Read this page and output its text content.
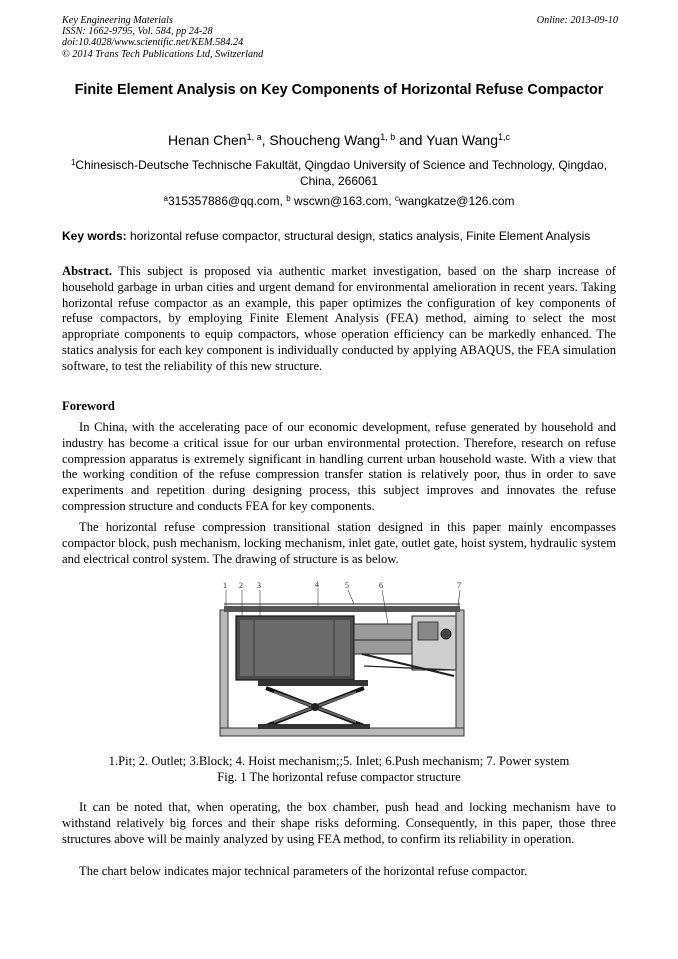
Key Engineering Materials
ISSN: 1662-9795, Vol. 584, pp 24-28
doi:10.4028/www.scientific.net/KEM.584.24
© 2014 Trans Tech Publications Ltd, Switzerland
Online: 2013-09-10
Finite Element Analysis on Key Components of Horizontal Refuse Compactor
Henan Chen$^{1, a}$, Shoucheng Wang$^{1, b}$ and Yuan Wang$^{1,c}$
$^1$Chinesisch-Deutsche Technische Fakultät, Qingdao University of Science and Technology, Qingdao, China, 266061
$^a$315357886@qq.com, $^b$ wscwn@163.com, $^c$wangkatze@126.com
Key words: horizontal refuse compactor, structural design, statics analysis, Finite Element Analysis
Abstract. This subject is proposed via authentic market investigation, based on the sharp increase of household garbage in urban cities and urgent demand for environmental amelioration in recent years. Taking horizontal refuse compactor as an example, this paper optimizes the configuration of key components of refuse compactors, by employing Finite Element Analysis (FEA) method, aiming to select the most appropriate components to equip compactors, whose operation efficiency can be markedly enhanced. The statics analysis for each key component is individually conducted by applying ABAQUS, the FEA simulation software, to test the reliability of this new structure.
Foreword
In China, with the accelerating pace of our economic development, refuse generated by household and industry has become a critical issue for our urban environmental protection. Therefore, research on refuse compression apparatus is extremely significant in handling current urban household waste. With a view that the working condition of the refuse compression transfer station is relatively poor, thus in order to save experiments and repetition during designing process, this subject improves and innovates the refuse compression structure and conducts FEA for key components.
The horizontal refuse compression transitional station designed in this paper mainly encompasses compactor block, push mechanism, locking mechanism, inlet gate, outlet gate, hoist system, hydraulic system and electrical control system. The drawing of structure is as below.
1 2 3	4	5	6	7
1.Pit; 2. Outlet; 3.Block; 4. Hoist mechanism;;5. Inlet; 6.Push mechanism; 7. Power system
Fig. 1 The horizontal refuse compactor structure
It can be noted that, when operating, the box chamber, push head and locking mechanism have to withstand relatively big forces and their shape risks deforming. Consequently, in this paper, those three structures above will be mainly analyzed by using FEA method, to confirm its reliability in operation.
The chart below indicates major technical parameters of the horizontal refuse compactor.
